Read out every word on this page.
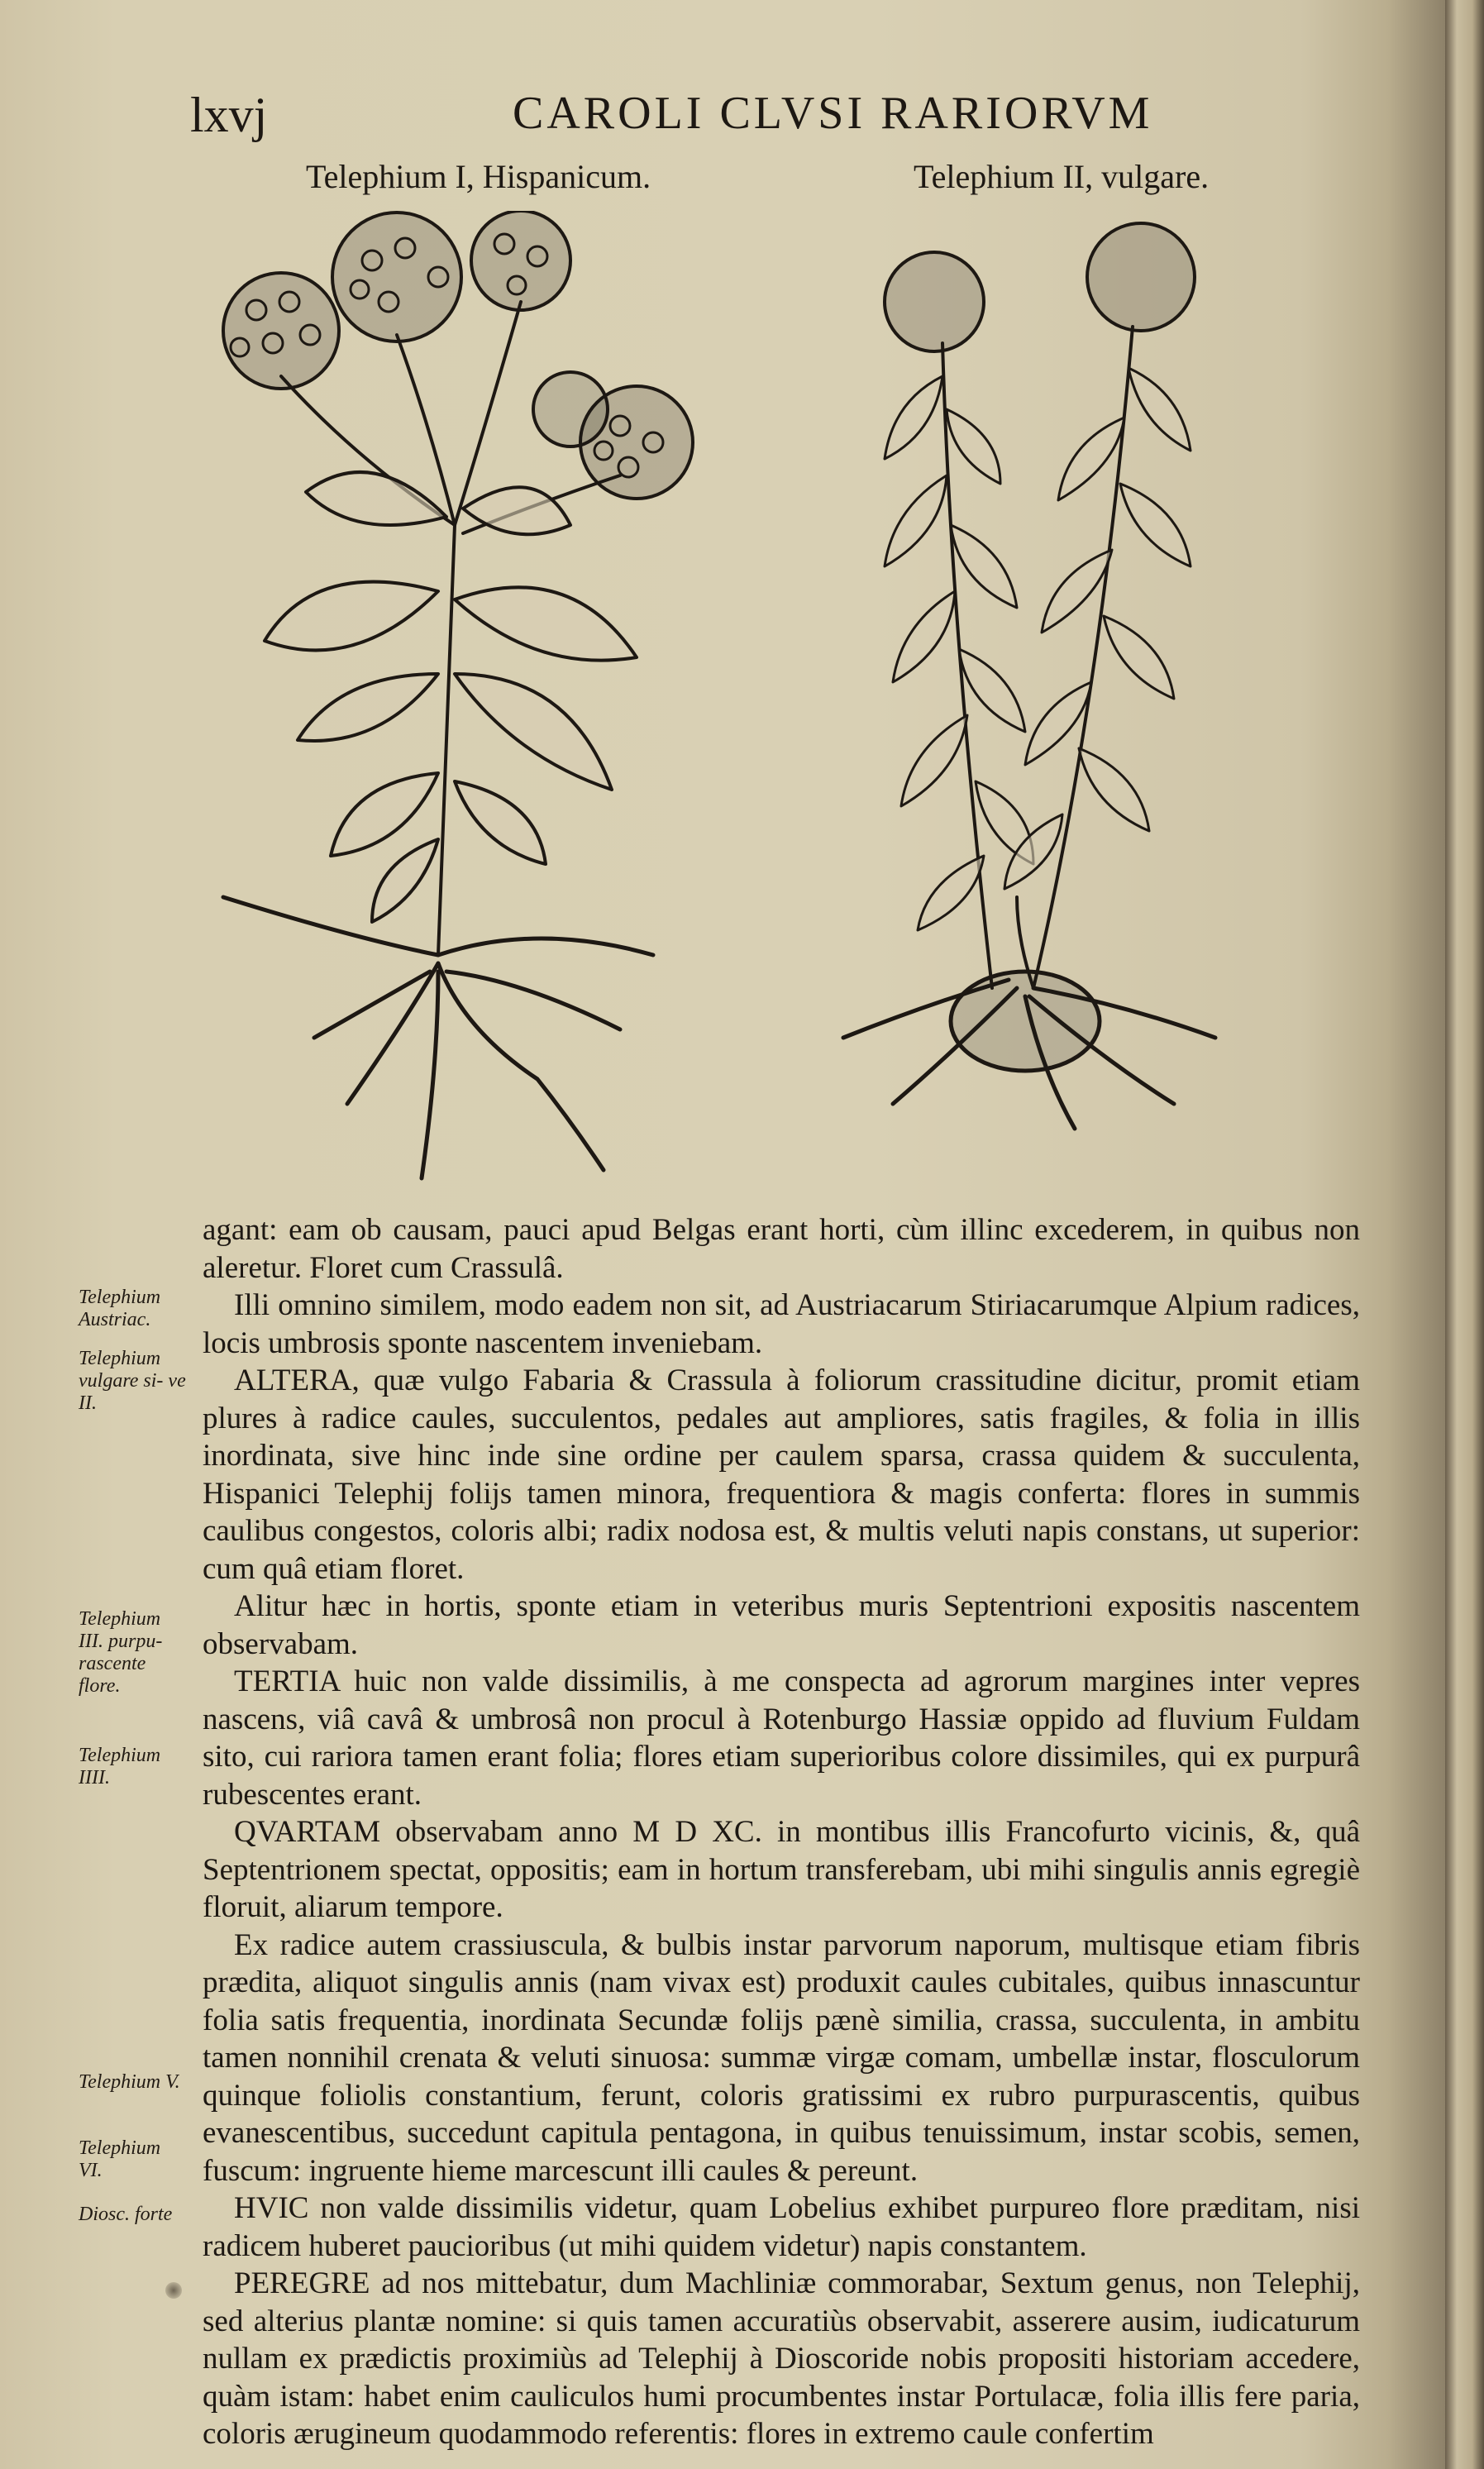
lxvj	CAROLI CLVSI RARIORVM
Telephium I, Hispanicum.	Telephium II, vulgare.
Telephium Austriac.
Telephium vulgare si- ve II.
Telephium III. purpu- rascente flore.
Telephium IIII.
Telephium V.
Telephium VI.
Diosc. forte

agant: eam ob causam, pauci apud Belgas erant horti, cùm illinc excederem, in quibus non aleretur. Floret cum Crassulâ.

Illi omnino similem, modo eadem non sit, ad Austriacarum Stiriacarumque Alpium radices, locis umbrosis sponte nascentem inveniebam.

ALTERA, quæ vulgo Fabaria & Crassula à foliorum crassitudine dicitur, promit etiam plures à radice caules, succulentos, pedales aut ampliores, satis fragiles, & folia in illis inordinata, sive hinc inde sine ordine per caulem sparsa, crassa quidem & succulenta, Hispanici Telephij folijs tamen minora, frequentiora & magis conferta: flores in summis caulibus congestos, coloris albi; radix nodosa est, & multis veluti napis constans, ut superior: cum quâ etiam floret.

Alitur hæc in hortis, sponte etiam in veteribus muris Septentrioni expositis nascentem observabam.

TERTIA huic non valde dissimilis, à me conspecta ad agrorum margines inter vepres nascens, viâ cavâ & umbrosâ non procul à Rotenburgo Hassiæ oppido ad fluvium Fuldam sito, cui rariora tamen erant folia; flores etiam superioribus colore dissimiles, qui ex purpurâ rubescentes erant.

QVARTAM observabam anno M D XC. in montibus illis Francofurto vicinis, &, quâ Septentrionem spectat, oppositis; eam in hortum transferebam, ubi mihi singulis annis egregiè floruit, aliarum tempore.

Ex radice autem crassiuscula, & bulbis instar parvorum naporum, multisque etiam fibris prædita, aliquot singulis annis (nam vivax est) produxit caules cubitales, quibus innascuntur folia satis frequentia, inordinata Secundæ folijs pænè similia, crassa, succulenta, in ambitu tamen nonnihil crenata & veluti sinuosa: summæ virgæ comam, umbellæ instar, flosculorum quinque foliolis constantium, ferunt, coloris gratissimi ex rubro purpurascentis, quibus evanescentibus, succedunt capitula pentagona, in quibus tenuissimum, instar scobis, semen, fuscum: ingruente hieme marcescunt illi caules & pereunt.

HVIC non valde dissimilis videtur, quam Lobelius exhibet purpureo flore præditam, nisi radicem huberet paucioribus (ut mihi quidem videtur) napis constantem.

PEREGRE ad nos mittebatur, dum Machliniæ commorabar, Sextum genus, non Telephij, sed alterius plantæ nomine: si quis tamen accuratiùs observabit, asserere ausim, iudicaturum nullam ex prædictis proximiùs ad Telephij à Dioscoride nobis propositi historiam accedere, quàm istam: habet enim cauliculos humi procumbentes instar Portulacæ, folia illis fere paria, coloris ærugineum quodammodo referentis: flores in extremo caule confertim
